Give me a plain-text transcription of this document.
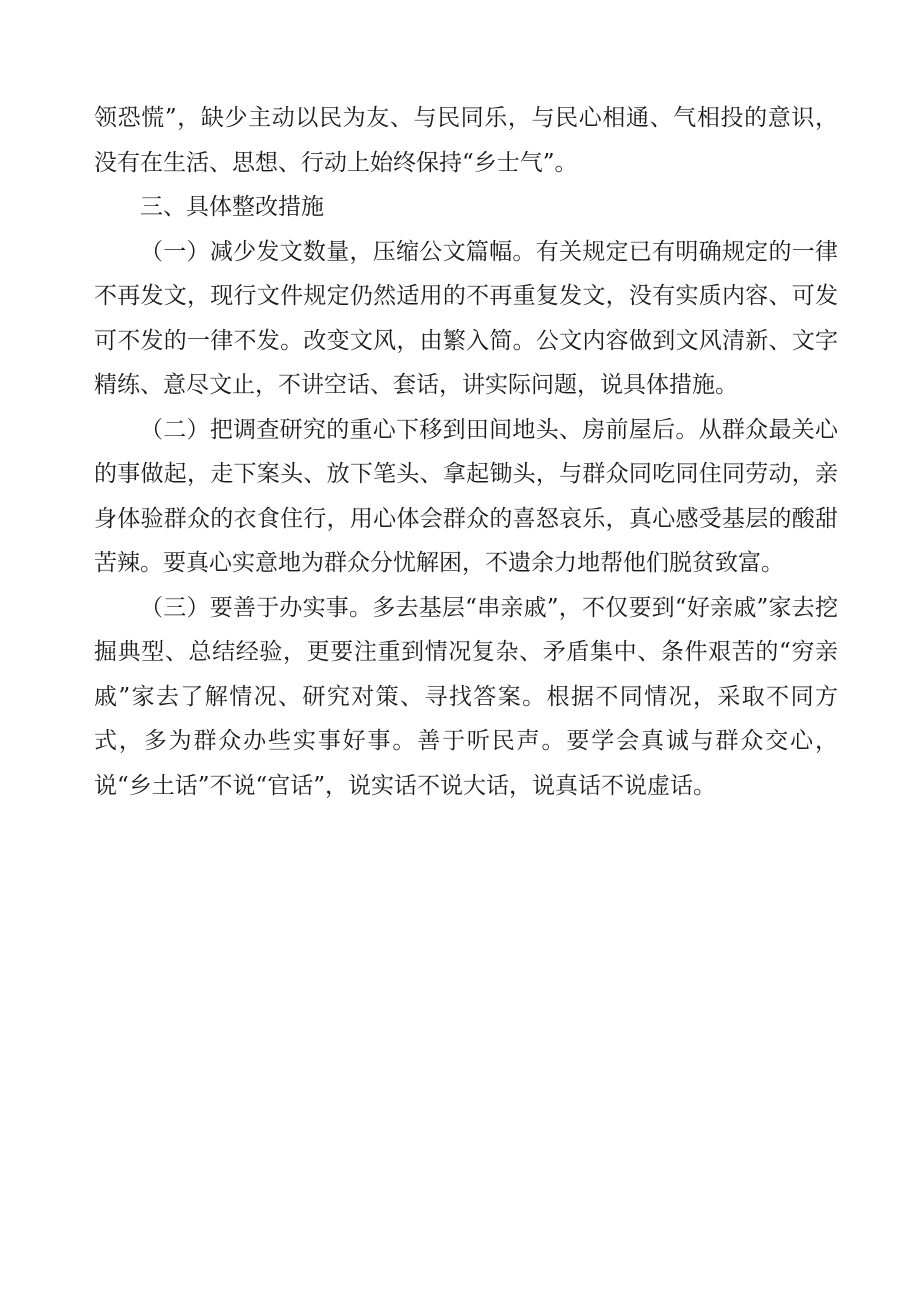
领恐慌”，缺少主动以民为友、与民同乐，与民心相通、气相投的意识，没有在生活、思想、行动上始终保持“乡士气”。

三、具体整改措施

（一）减少发文数量，压缩公文篇幅。有关规定已有明确规定的一律不再发文，现行文件规定仍然适用的不再重复发文，没有实质内容、可发可不发的一律不发。改变文风，由繁入简。公文内容做到文风清新、文字精练、意尽文止，不讲空话、套话，讲实际问题，说具体措施。

（二）把调查研究的重心下移到田间地头、房前屋后。从群众最关心的事做起，走下案头、放下笔头、拿起锄头，与群众同吃同住同劳动，亲身体验群众的衣食住行，用心体会群众的喜怒哀乐，真心感受基层的酸甜苦辣。要真心实意地为群众分忧解困，不遗余力地帮他们脱贫致富。

（三）要善于办实事。多去基层“串亲戚”，不仅要到“好亲戚”家去挖掘典型、总结经验，更要注重到情况复杂、矛盾集中、条件艰苦的“穷亲戚”家去了解情况、研究对策、寻找答案。根据不同情况，采取不同方式，多为群众办些实事好事。善于听民声。要学会真诚与群众交心，说“乡土话”不说“官话”，说实话不说大话，说真话不说虚话。
